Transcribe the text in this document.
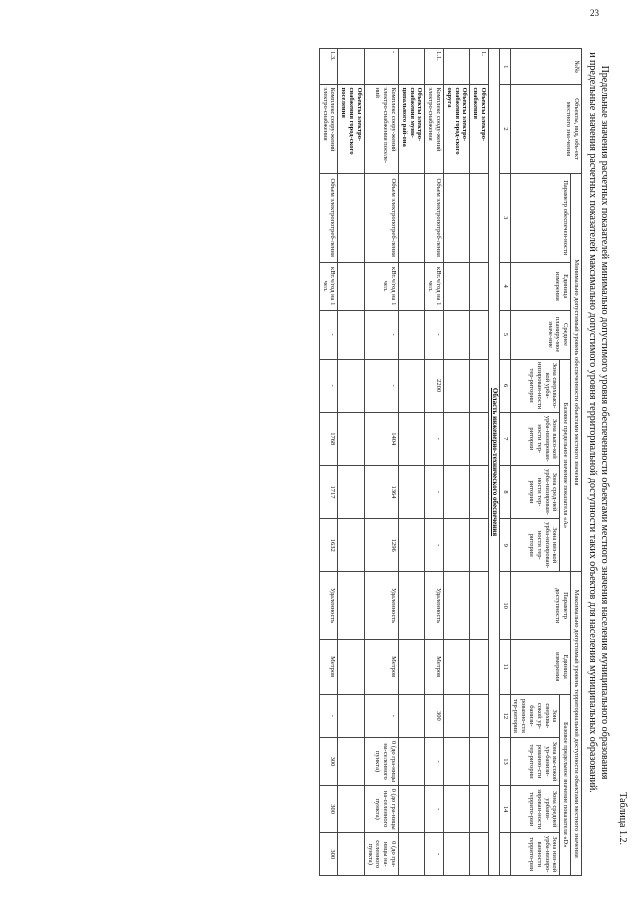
23
Таблица 1.2.
Предельные значения расчетных показателей минимально допустимого уровня обеспеченности объектами местного значения населения муниципального образования
и предельные значения расчетных показателей максимально допустимого уровня территориальной доступности таких объектов для населения муниципальных образований.
№№	Объекты, вид, объ-ект местного зна-чения	Минимально допустимый уровень обеспеченности объектами местного значения							Максимально допустимый уровень территориальной доступности объектами местного значения					
		Параметр обеспечен-ности	Единица измерения	Среднее планиру-мое значе-ние	Базовое предельное значение показателя «А»				Параметр доступности	Единица измерения	Базовое предельное значение показателя «D»			
					Зона сверхвысо-кой урба-низирован-ности тер-ритории	Зона высо-кой урба-низирован-ности тер-ритории	Зона сред-ней урба-низирован-ности тер-ритории	Зона низ-кой урба-низирован-ности тер-ритории			Зона сверхвы-сокой ур-банизи-рованно-сти тер-ритории	Зона вы-сокой ур-банизи-рованно-сти тер-ритории	Зона средней урбани-зирован-ности террито-рии	Зона низ-кой урба-низиро-ванности террито-рии
1	2	3	4	5	6	7	8	9	10	11	12	13	14	
Область инженерно-технического обеспечения														
1.	Объекты электро-снабжения													
	Объекты электро-снабжения город-ского округа													
1.1.	Комплекс сооду-жений электро-снабжения	Объем электропотреб-ления	кВт.ч/год на 1 чел.	-	2200	-	-	-	Удаленность	Метров	300	-	-	-
	Объекты электро-снабжения муни-ципального рай-она													
-	Комплекс соору-жений электро-снабжения поселе-ний	Объем электропотреб-ления	кВт.ч/год на 1 чел.	-	-	1404	1364	1296	Удаленность	Метров	-	0 (до гра-ницы на-селенного пункта)	0 (до гра-ницы на-селенного пункта)	0 (до гра-ницы на-селенного пункта)
	Объекты электро-снабжения город-ского поселения													
1.3.	Комплекс соору-жений электро-снабжения	Объем электропотреб-ления	кВт.ч/год на 1 чел.	-	-	1768	1717	1632	Удаленность	Метров	-	300	300	300
